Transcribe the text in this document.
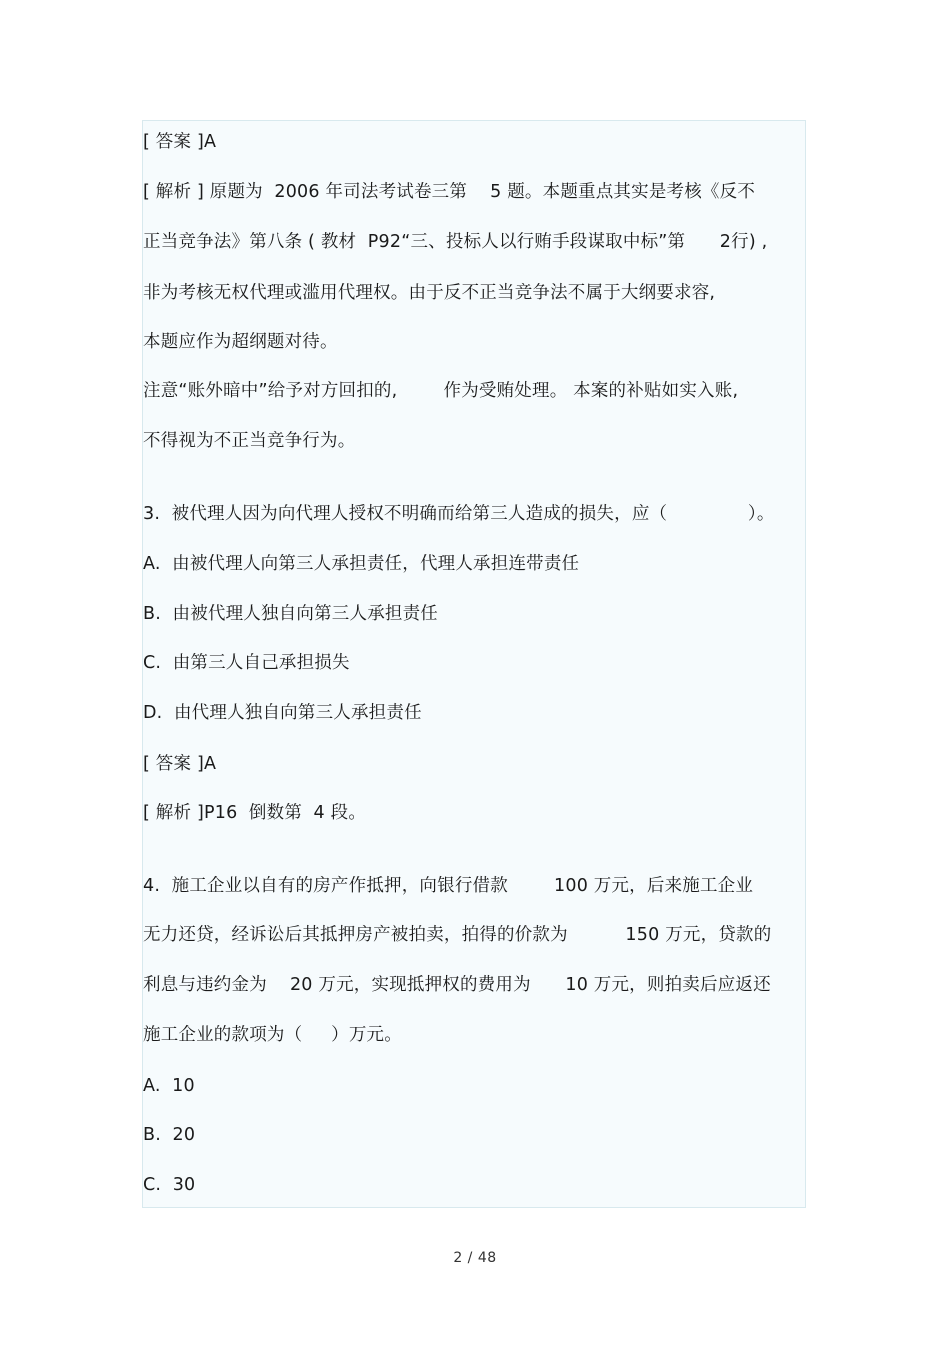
[ 答案 ]A
[ 解析 ] 原题为  2006 年司法考试卷三第    5 题。本题重点其实是考核《反不
正当竞争法》第八条 ( 教材  P92“三、投标人以行贿手段谋取中标”第      2行) ,
非为考核无权代理或滥用代理权。由于反不正当竞争法不属于大纲要求容,
本题应作为超纲题对待。
注意“账外暗中”给予对方回扣的,        作为受贿处理。 本案的补贴如实入账,
不得视为不正当竞争行为。
3.  被代理人因为向代理人授权不明确而给第三人造成的损失，应（              ）。
A.  由被代理人向第三人承担责任，代理人承担连带责任
B.  由被代理人独自向第三人承担责任
C.  由第三人自己承担损失
D.  由代理人独自向第三人承担责任
[ 答案 ]A
[ 解析 ]P16  倒数第  4 段。
4.  施工企业以自有的房产作抵押，向银行借款        100 万元，后来施工企业
无力还贷，经诉讼后其抵押房产被拍卖，拍得的价款为          150 万元，贷款的
利息与违约金为    20 万元，实现抵押权的费用为      10 万元，则拍卖后应返还
施工企业的款项为（     ）万元。
A.  10
B.  20
C.  30
2 / 48
